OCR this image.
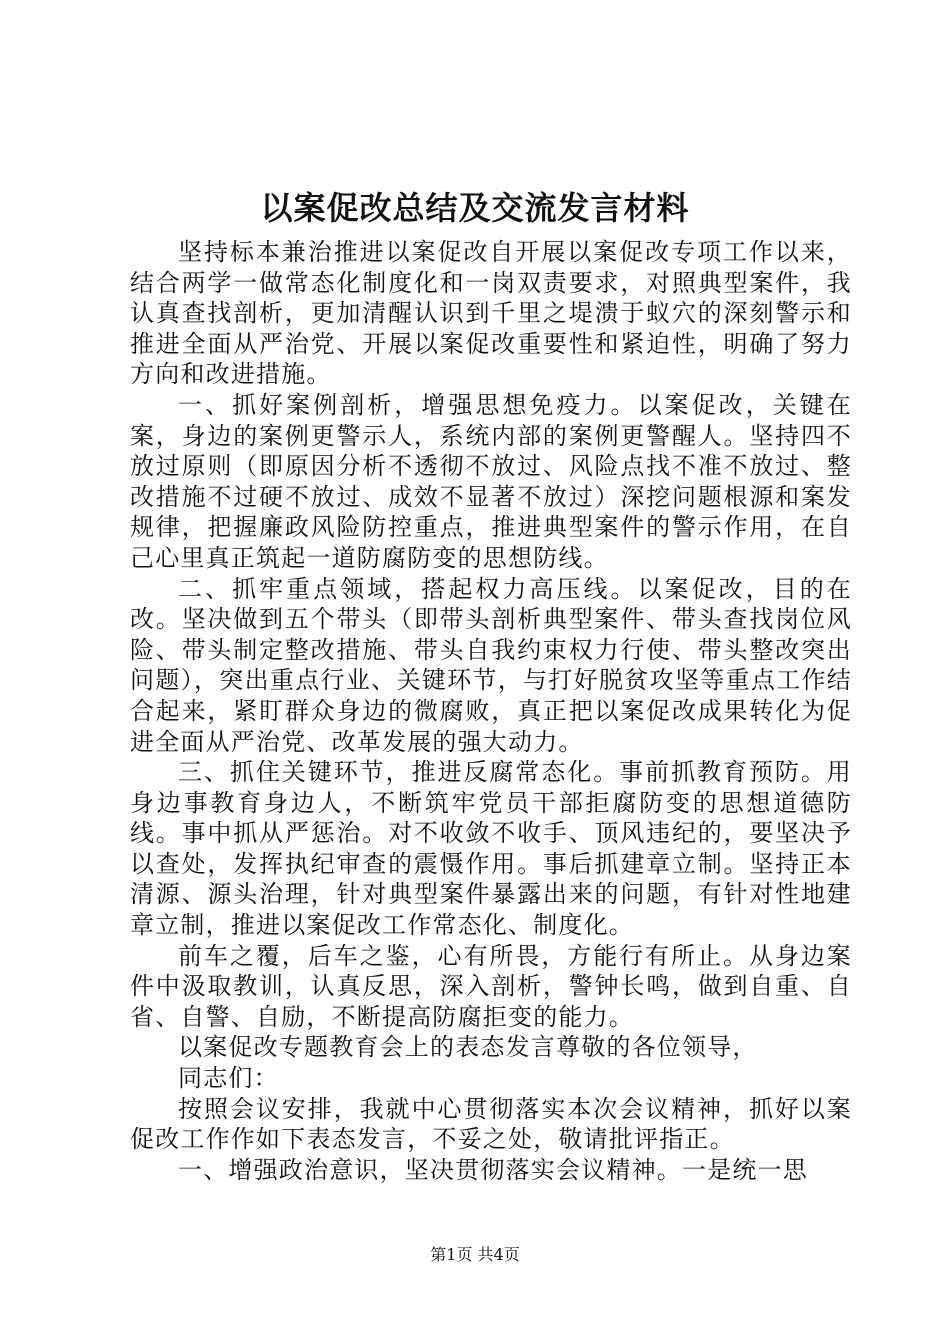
以案促改总结及交流发言材料

坚持标本兼治推进以案促改自开展以案促改专项工作以来，结合两学一做常态化制度化和一岗双责要求，对照典型案件，我认真查找剖析，更加清醒认识到千里之堤溃于蚁穴的深刻警示和推进全面从严治党、开展以案促改重要性和紧迫性，明确了努力方向和改进措施。

一、抓好案例剖析，增强思想免疫力。以案促改，关键在案，身边的案例更警示人，系统内部的案例更警醒人。坚持四不放过原则（即原因分析不透彻不放过、风险点找不准不放过、整改措施不过硬不放过、成效不显著不放过）深挖问题根源和案发规律，把握廉政风险防控重点，推进典型案件的警示作用，在自己心里真正筑起一道防腐防变的思想防线。

二、抓牢重点领域，搭起权力高压线。以案促改，目的在改。坚决做到五个带头（即带头剖析典型案件、带头查找岗位风险、带头制定整改措施、带头自我约束权力行使、带头整改突出问题），突出重点行业、关键环节，与打好脱贫攻坚等重点工作结合起来，紧盯群众身边的微腐败，真正把以案促改成果转化为促进全面从严治党、改革发展的强大动力。

三、抓住关键环节，推进反腐常态化。事前抓教育预防。用身边事教育身边人，不断筑牢党员干部拒腐防变的思想道德防线。事中抓从严惩治。对不收敛不收手、顶风违纪的，要坚决予以查处，发挥执纪审查的震慑作用。事后抓建章立制。坚持正本清源、源头治理，针对典型案件暴露出来的问题，有针对性地建章立制，推进以案促改工作常态化、制度化。

前车之覆，后车之鉴，心有所畏，方能行有所止。从身边案件中汲取教训，认真反思，深入剖析，警钟长鸣，做到自重、自省、自警、自励，不断提高防腐拒变的能力。

以案促改专题教育会上的表态发言尊敬的各位领导，

同志们：

按照会议安排，我就中心贯彻落实本次会议精神，抓好以案促改工作作如下表态发言，不妥之处，敬请批评指正。

一、增强政治意识，坚决贯彻落实会议精神。一是统一思

第1页 共4页
